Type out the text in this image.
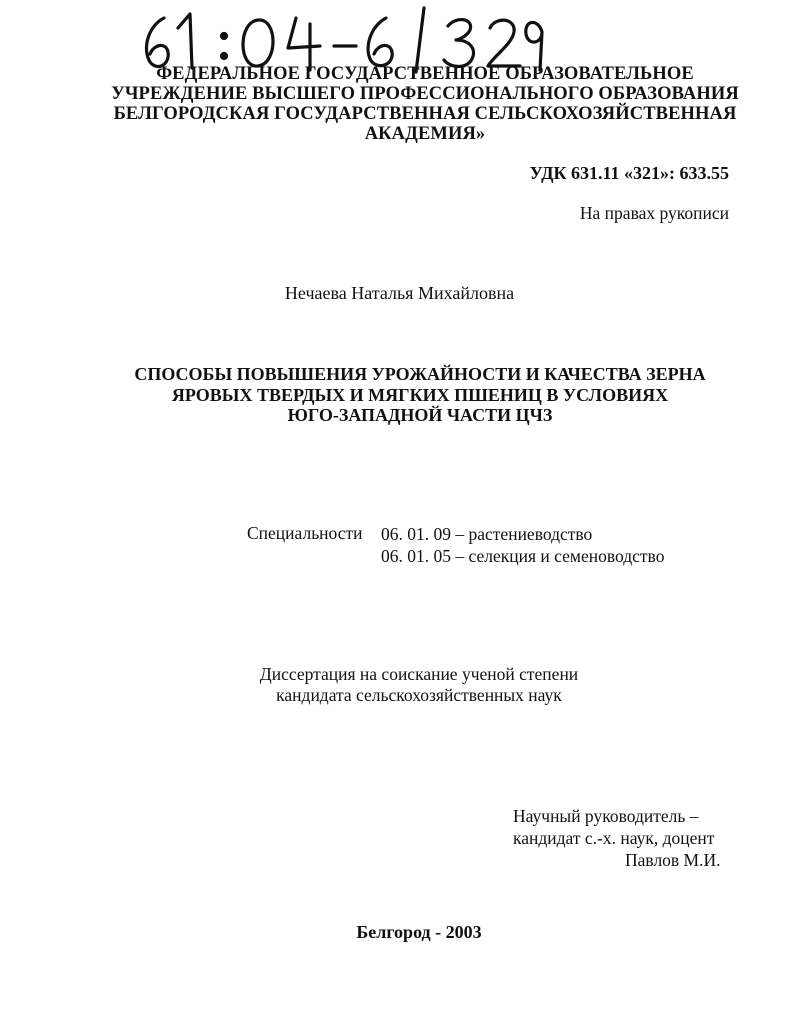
ФЕДЕРАЛЬНОЕ ГОСУДАРСТВЕННОЕ ОБРАЗОВАТЕЛЬНОЕ
УЧРЕЖДЕНИЕ ВЫСШЕГО ПРОФЕССИОНАЛЬНОГО ОБРАЗОВАНИЯ
БЕЛГОРОДСКАЯ ГОСУДАРСТВЕННАЯ СЕЛЬСКОХОЗЯЙСТВЕННАЯ
АКАДЕМИЯ»
УДК 631.11 «321»: 633.55
На правах рукописи
Нечаева Наталья Михайловна
СПОСОБЫ ПОВЫШЕНИЯ УРОЖАЙНОСТИ И КАЧЕСТВА ЗЕРНА
ЯРОВЫХ ТВЕРДЫХ И МЯГКИХ ПШЕНИЦ В УСЛОВИЯХ
ЮГО-ЗАПАДНОЙ ЧАСТИ ЦЧЗ
Специальности 06. 01. 09 – растениеводство
06. 01. 05 – селекция и семеноводство
Диссертация на соискание ученой степени
кандидата сельскохозяйственных наук
Научный руководитель –
кандидат с.-х. наук, доцент
Павлов М.И.
Белгород - 2003
